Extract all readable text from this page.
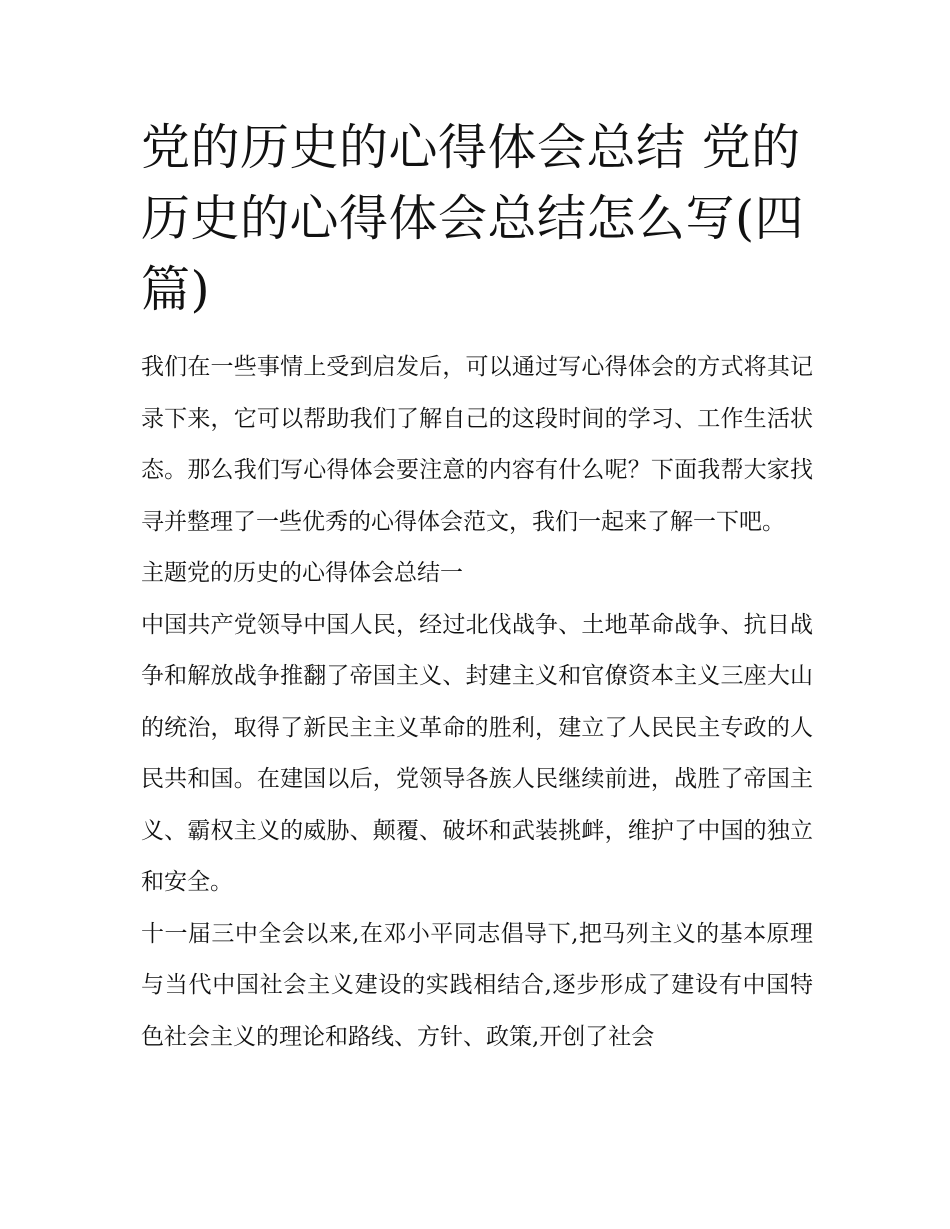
党的历史的心得体会总结 党的历史的心得体会总结怎么写(四篇)

我们在一些事情上受到启发后，可以通过写心得体会的方式将其记录下来，它可以帮助我们了解自己的这段时间的学习、工作生活状态。那么我们写心得体会要注意的内容有什么呢？下面我帮大家找寻并整理了一些优秀的心得体会范文，我们一起来了解一下吧。

主题党的历史的心得体会总结一

中国共产党领导中国人民，经过北伐战争、土地革命战争、抗日战争和解放战争推翻了帝国主义、封建主义和官僚资本主义三座大山的统治，取得了新民主主义革命的胜利，建立了人民民主专政的人民共和国。在建国以后，党领导各族人民继续前进，战胜了帝国主义、霸权主义的威胁、颠覆、破坏和武装挑衅，维护了中国的独立和安全。

十一届三中全会以来,在邓小平同志倡导下,把马列主义的基本原理与当代中国社会主义建设的实践相结合,逐步形成了建设有中国特色社会主义的理论和路线、方针、政策,开创了社会
